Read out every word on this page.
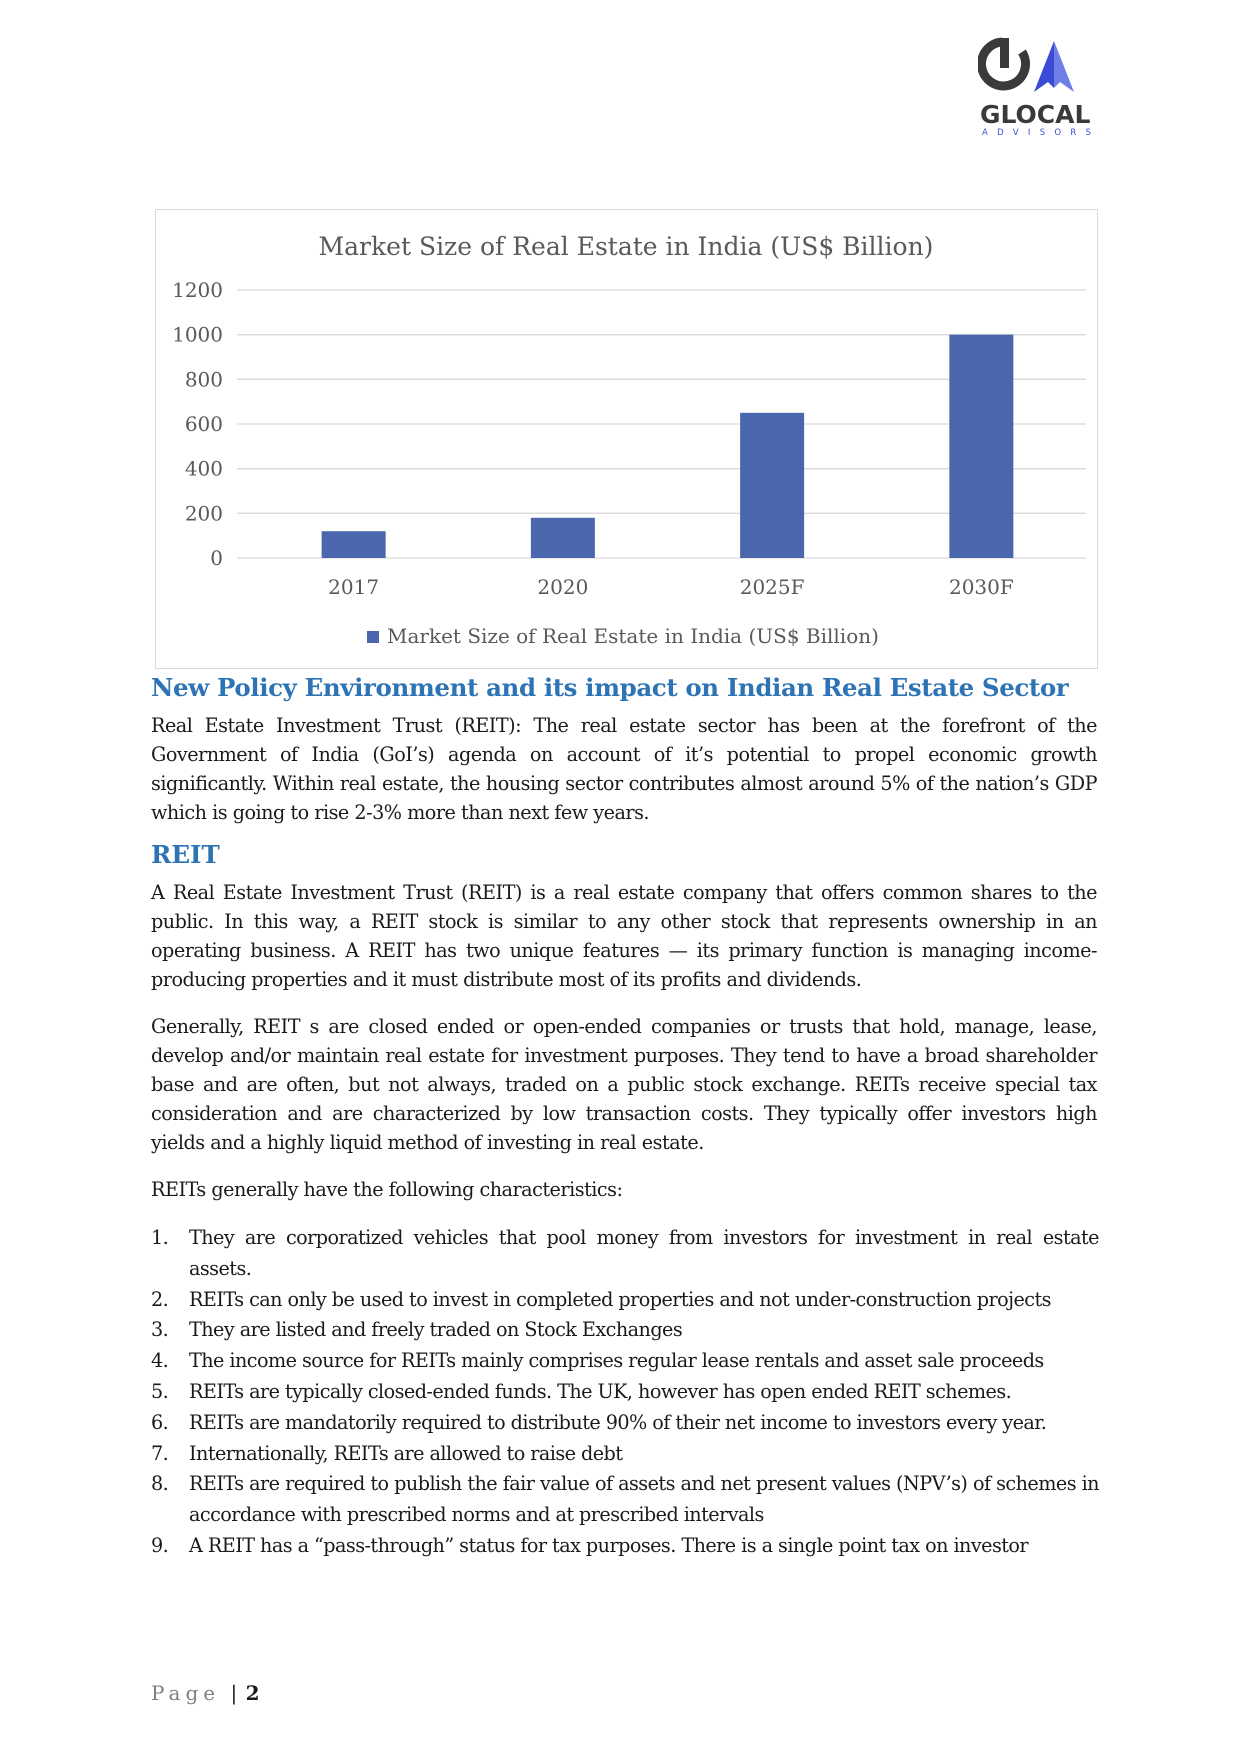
GLOCAL
ADVISORS
Market Size of Real Estate in India (US$ Billion)
0
200
400
600
800
1000
1200
2017	2020	2025F	2030F
Market Size of Real Estate in India (US$ Billion)
New Policy Environment and its impact on Indian Real Estate Sector

Real Estate Investment Trust (REIT): The real estate sector has been at the forefront of the Government of India (GoI’s) agenda on account of it’s potential to propel economic growth significantly. Within real estate, the housing sector contributes almost around 5% of the nation’s GDP which is going to rise 2-3% more than next few years.

REIT

A Real Estate Investment Trust (REIT) is a real estate company that offers common shares to the public. In this way, a REIT stock is similar to any other stock that represents ownership in an operating business. A REIT has two unique features — its primary function is managing income-producing properties and it must distribute most of its profits and dividends.

Generally, REIT s are closed ended or open-ended companies or trusts that hold, manage, lease, develop and/or maintain real estate for investment purposes. They tend to have a broad shareholder base and are often, but not always, traded on a public stock exchange. REITs receive special tax consideration and are characterized by low transaction costs. They typically offer investors high yields and a highly liquid method of investing in real estate.

REITs generally have the following characteristics:

1. They are corporatized vehicles that pool money from investors for investment in real estate assets.
2. REITs can only be used to invest in completed properties and not under-construction projects
3. They are listed and freely traded on Stock Exchanges
4. The income source for REITs mainly comprises regular lease rentals and asset sale proceeds
5. REITs are typically closed-ended funds. The UK, however has open ended REIT schemes.
6. REITs are mandatorily required to distribute 90% of their net income to investors every year.
7. Internationally, REITs are allowed to raise debt
8. REITs are required to publish the fair value of assets and net present values (NPV’s) of schemes in accordance with prescribed norms and at prescribed intervals
9. A REIT has a “pass-through” status for tax purposes. There is a single point tax on investor
Page | 2
